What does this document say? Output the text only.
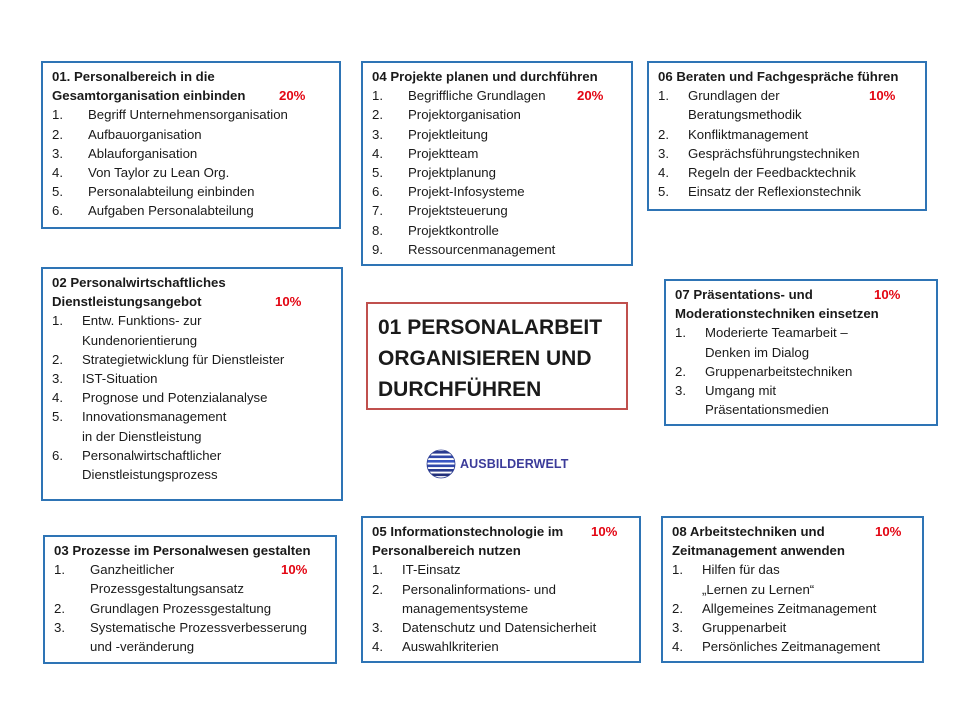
01. Personalbereich in die
Gesamtorganisation einbinden	20%
1.	Begriff Unternehmensorganisation
2.	Aufbauorganisation
3.	Ablauforganisation
4.	Von Taylor zu Lean Org.
5.	Personalabteilung einbinden
6.	Aufgaben Personalabteilung
02 Personalwirtschaftliches
Dienstleistungsangebot	10%
1.	Entw. Funktions- zur
Kundenorientierung
2.	Strategietwicklung für Dienstleister
3.	IST-Situation
4.	Prognose und Potenzialanalyse
5.	Innovationsmanagement
in der Dienstleistung
6.	Personalwirtschaftlicher
Dienstleistungsprozess
03 Prozesse im Personalwesen gestalten
10%
1.	Ganzheitlicher
Prozessgestaltungsansatz
2.	Grundlagen Prozessgestaltung
3.	Systematische Prozessverbesserung
und -veränderung
04 Projekte planen und durchführen
20%
1.	Begriffliche Grundlagen
2.	Projektorganisation
3.	Projektleitung
4.	Projektteam
5.	Projektplanung
6.	Projekt-Infosysteme
7.	Projektsteuerung
8.	Projektkontrolle
9.	Ressourcenmanagement
05 Informationstechnologie im
Personalbereich nutzen
10%
1.	IT-Einsatz
2.	Personalinformations- und
managementsysteme
3.	Datenschutz und Datensicherheit
4.	Auswahlkriterien
06 Beraten und Fachgespräche führen
10%
1.	Grundlagen der
Beratungsmethodik
2.	Konfliktmanagement
3.	Gesprächsführungstechniken
4.	Regeln der Feedbacktechnik
5.	Einsatz der Reflexionstechnik
07 Präsentations- und
Moderationstechniken einsetzen
10%
1.	Moderierte Teamarbeit –
Denken im Dialog
2.	Gruppenarbeitstechniken
3.	Umgang mit
Präsentationsmedien
08 Arbeitstechniken und
Zeitmanagement anwenden
10%
1.	Hilfen für das
„Lernen zu Lernen“
2.	Allgemeines Zeitmanagement
3.	Gruppenarbeit
4.	Persönliches Zeitmanagement
01 PERSONALARBEIT
ORGANISIEREN UND
DURCHFÜHREN
AUSBILDERWELT
